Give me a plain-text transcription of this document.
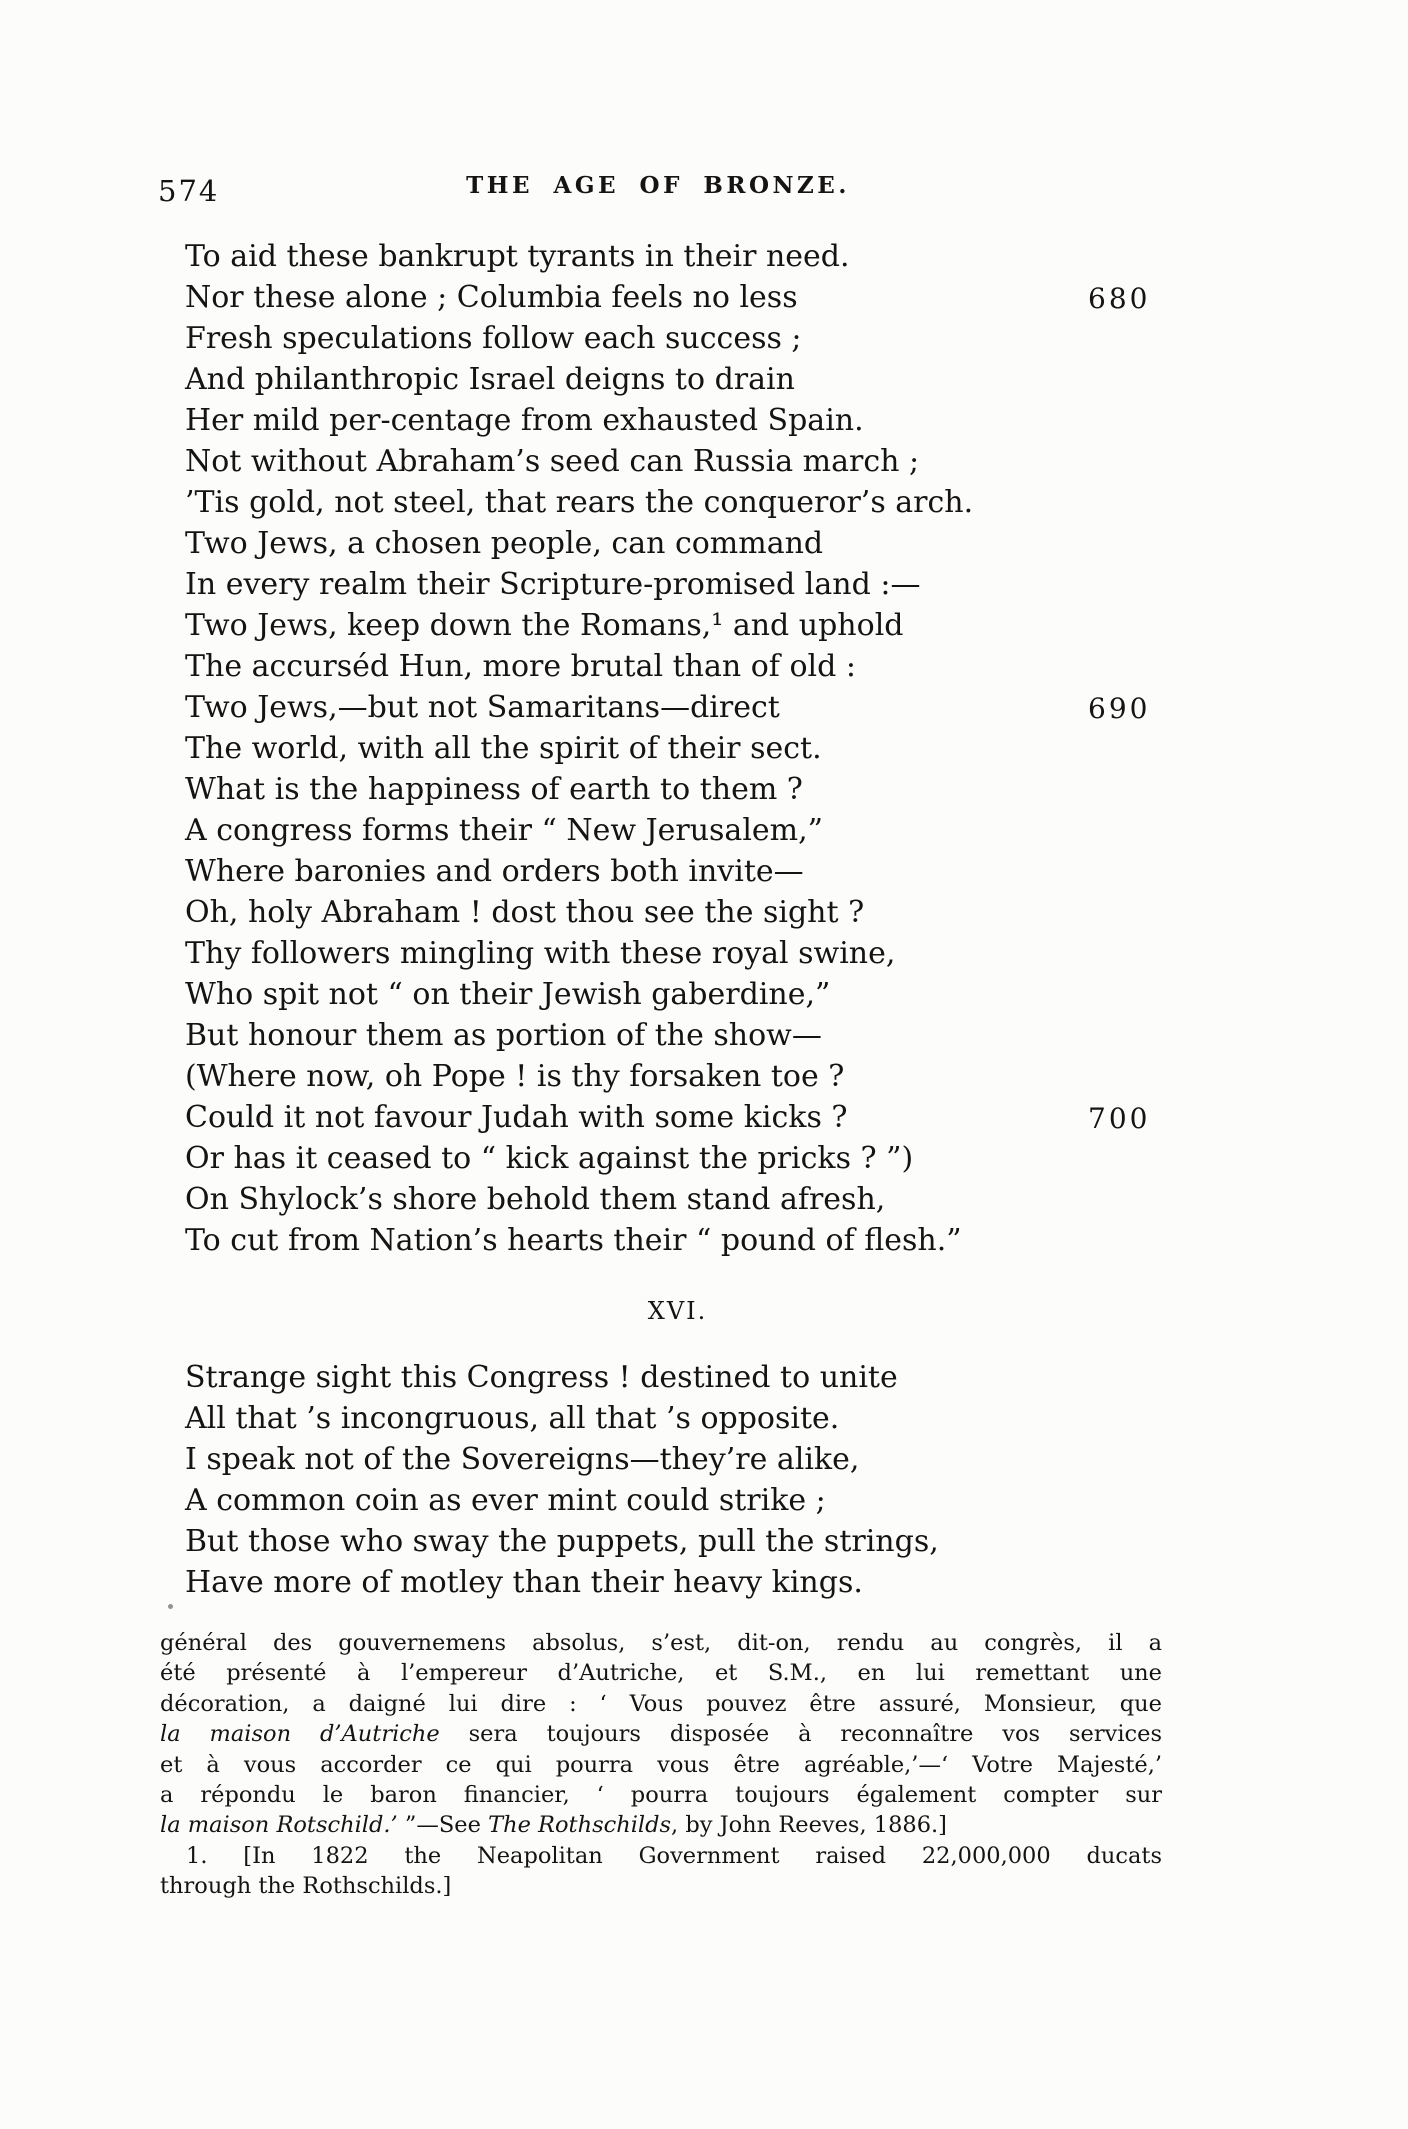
574	THE AGE OF BRONZE.
To aid these bankrupt tyrants in their need.
Nor these alone ; Columbia feels no less	680
Fresh speculations follow each success ;
And philanthropic Israel deigns to drain
Her mild per-centage from exhausted Spain.
Not without Abraham’s seed can Russia march ;
’Tis gold, not steel, that rears the conqueror’s arch.
Two Jews, a chosen people, can command
In every realm their Scripture-promised land :—
Two Jews, keep down the Romans,¹ and uphold
The accurséd Hun, more brutal than of old :
Two Jews,—but not Samaritans—direct	690
The world, with all the spirit of their sect.
What is the happiness of earth to them ?
A congress forms their “ New Jerusalem,”
Where baronies and orders both invite—
Oh, holy Abraham ! dost thou see the sight ?
Thy followers mingling with these royal swine,
Who spit not “ on their Jewish gaberdine,”
But honour them as portion of the show—
(Where now, oh Pope ! is thy forsaken toe ?
Could it not favour Judah with some kicks ?	700
Or has it ceased to “ kick against the pricks ? ”)
On Shylock’s shore behold them stand afresh,
To cut from Nation’s hearts their “ pound of flesh.”
XVI.
Strange sight this Congress ! destined to unite
All that ’s incongruous, all that ’s opposite.
I speak not of the Sovereigns—they’re alike,
A common coin as ever mint could strike ;
But those who sway the puppets, pull the strings,
Have more of motley than their heavy kings.
général des gouvernemens absolus, s’est, dit-on, rendu au congrès, il a
été présenté à l’empereur d’Autriche, et S.M., en lui remettant une
décoration, a daigné lui dire : ‘ Vous pouvez être assuré, Monsieur, que
la maison d’Autriche sera toujours disposée à reconnaître vos services
et à vous accorder ce qui pourra vous être agréable,’—‘ Votre Majesté,’
a répondu le baron financier, ‘ pourra toujours également compter sur
la maison Rotschild.’ ”—See The Rothschilds, by John Reeves, 1886.]
1. [In 1822 the Neapolitan Government raised 22,000,000 ducats
through the Rothschilds.]
